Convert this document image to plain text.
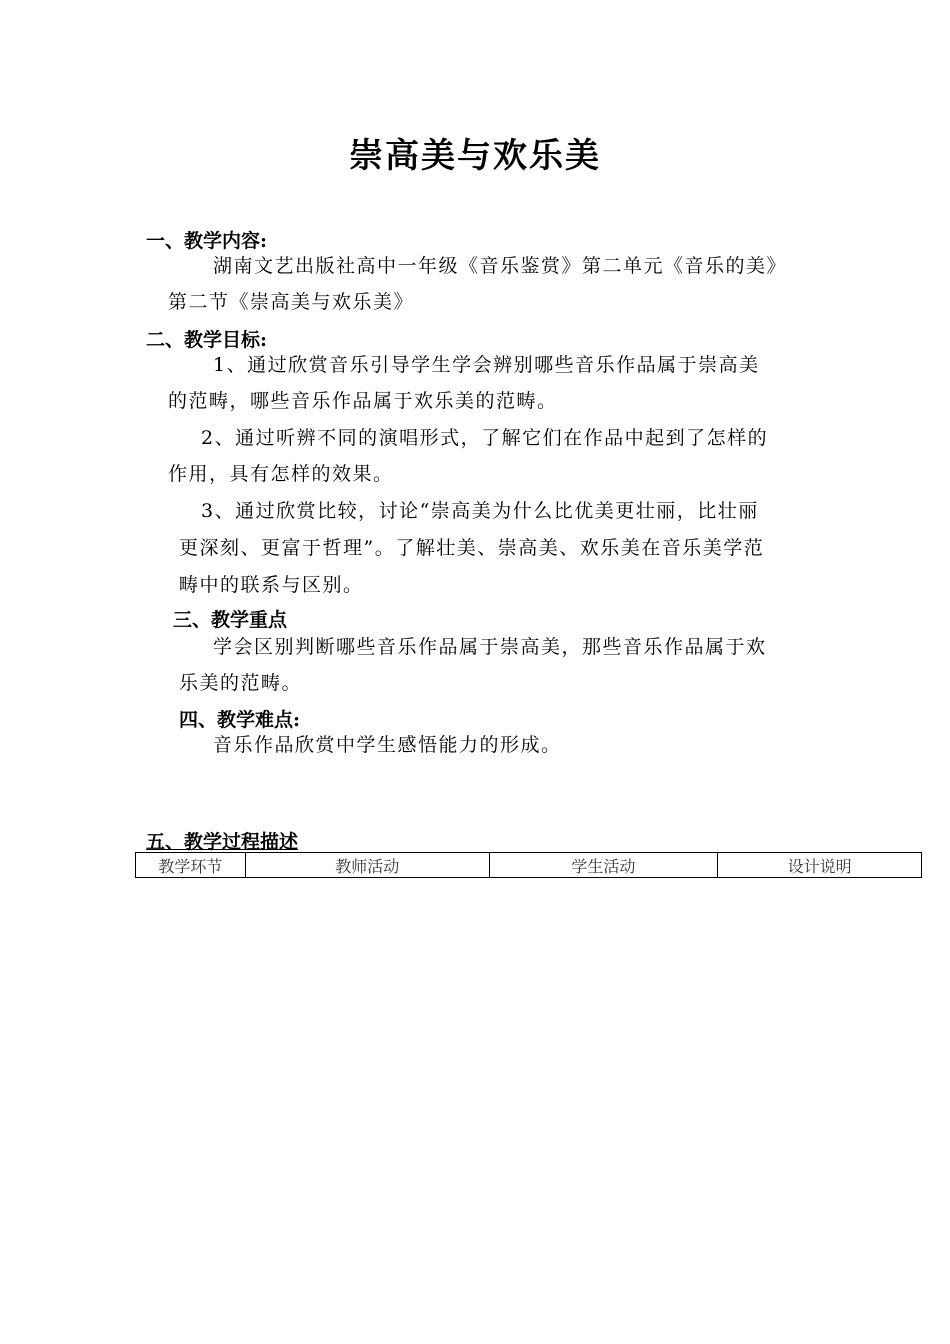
崇高美与欢乐美
一、教学内容:
湖南文艺出版社高中一年级《音乐鉴赏》第二单元《音乐的美》
第二节《崇高美与欢乐美》
二、教学目标:
1、通过欣赏音乐引导学生学会辨别哪些音乐作品属于崇高美
的范畴，哪些音乐作品属于欢乐美的范畴。
2、通过听辨不同的演唱形式，了解它们在作品中起到了怎样的
作用，具有怎样的效果。
3、通过欣赏比较，讨论“崇高美为什么比优美更壮丽，比壮丽
更深刻、更富于哲理”。了解壮美、崇高美、欢乐美在音乐美学范
畴中的联系与区别。
三、教学重点
学会区别判断哪些音乐作品属于崇高美，那些音乐作品属于欢
乐美的范畴。
四、教学难点:
音乐作品欣赏中学生感悟能力的形成。
五、教学过程描述
教学环节	教师活动	学生活动	设计说明
